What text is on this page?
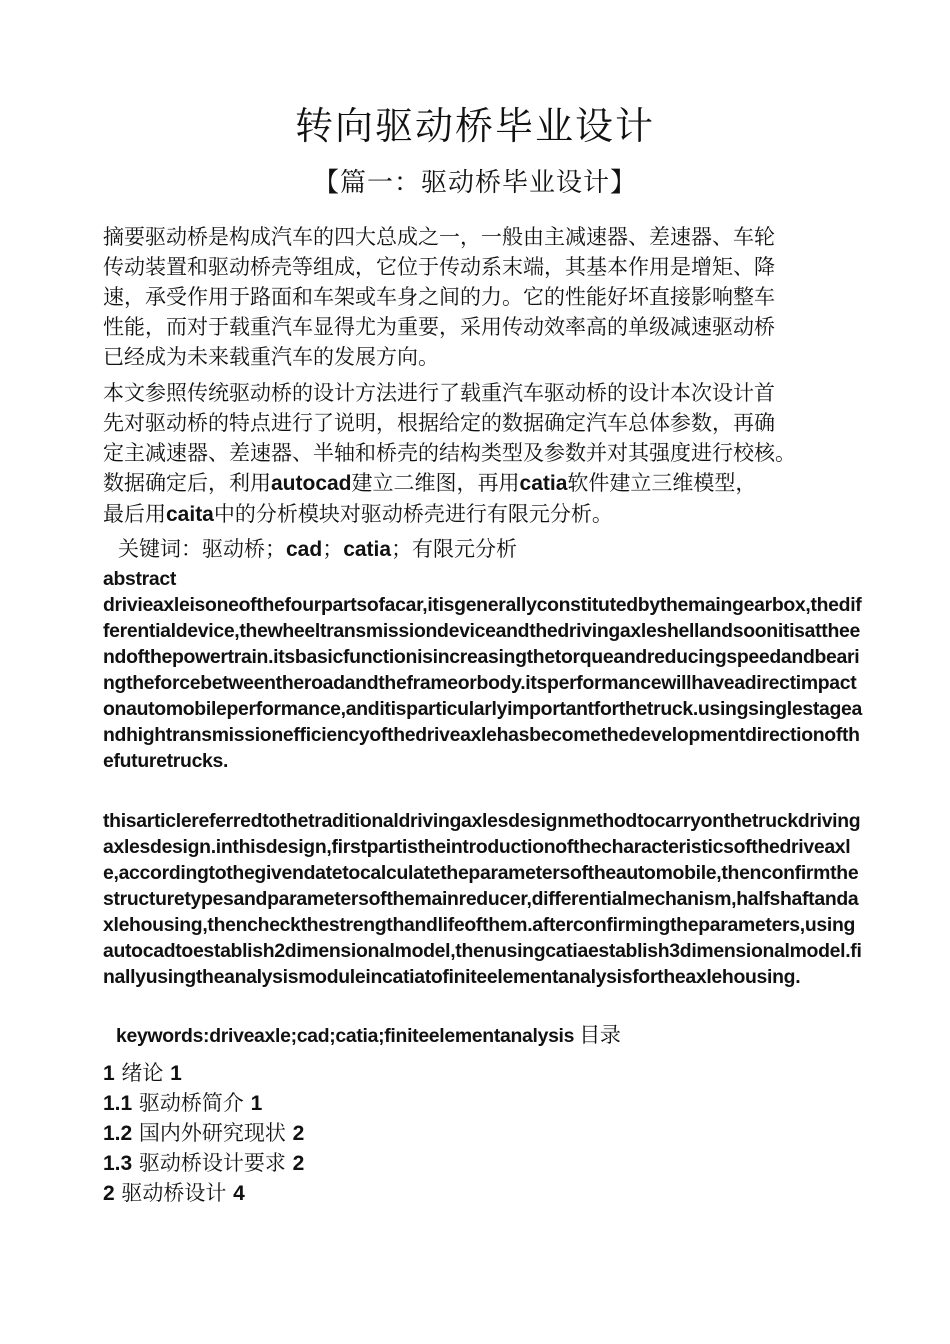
转向驱动桥毕业设计
【篇一：驱动桥毕业设计】
摘要驱动桥是构成汽车的四大总成之一，一般由主减速器、差速器、车轮
传动装置和驱动桥壳等组成，它位于传动系末端，其基本作用是增矩、降
速，承受作用于路面和车架或车身之间的力。它的性能好坏直接影响整车
性能，而对于载重汽车显得尤为重要，采用传动效率高的单级减速驱动桥
已经成为未来载重汽车的发展方向。
本文参照传统驱动桥的设计方法进行了载重汽车驱动桥的设计本次设计首
先对驱动桥的特点进行了说明，根据给定的数据确定汽车总体参数，再确
定主减速器、差速器、半轴和桥壳的结构类型及参数并对其强度进行校核。
数据确定后，利用autocad建立二维图，再用catia软件建立三维模型，
最后用caita中的分析模块对驱动桥壳进行有限元分析。
关键词：驱动桥；cad；catia；有限元分析
abstract
drivieaxleisoneofthefourpartsofacar,itisgenerallyconstitutedbythemaingearbox,thedifferentialdevice,thewheeltransmissiondeviceandthedrivingaxleshellandsoonitisattheendofthepowertrain.itsbasicfunctionisincreasingthetorqueandreducingspeedandbearingtheforcebetweentheroadandtheframeorbody.itsperformancewillhaveadirectimpactonautomobileperformance,anditisparticularlyimportantforthetruck.usingsinglestageandhightransmissionefficiencyofthedriveaxlehasbecomethedevelopmentdirectionofthefuturetrucks.
thisarticlereferredtothetraditionaldrivingaxlesdesignmethodtocarryonthetruckdrivingaxlesdesign.inthisdesign,firstpartistheintroductionofthecharacteristicsofthedriveaxle,accordingtothegivendatetocalculatetheparametersoftheautomobile,thenconfirmthestructuretypesandparametersofthemainreducer,differentialmechanism,halfshaftandaxlehousing,thencheckthestrengthandlifeofthem.afterconfirmingtheparameters,usingautocadtoestablish2dimensionalmodel,thenusingcatiaestablish3dimensionalmodel.finallyusingtheanalysismoduleincatiatofiniteelementanalysisfortheaxlehousing.
keywords:driveaxle;cad;catia;finiteelementanalysis 目录
1 绪论 1
1.1 驱动桥简介 1
1.2 国内外研究现状 2
1.3 驱动桥设计要求 2
2 驱动桥设计 4
